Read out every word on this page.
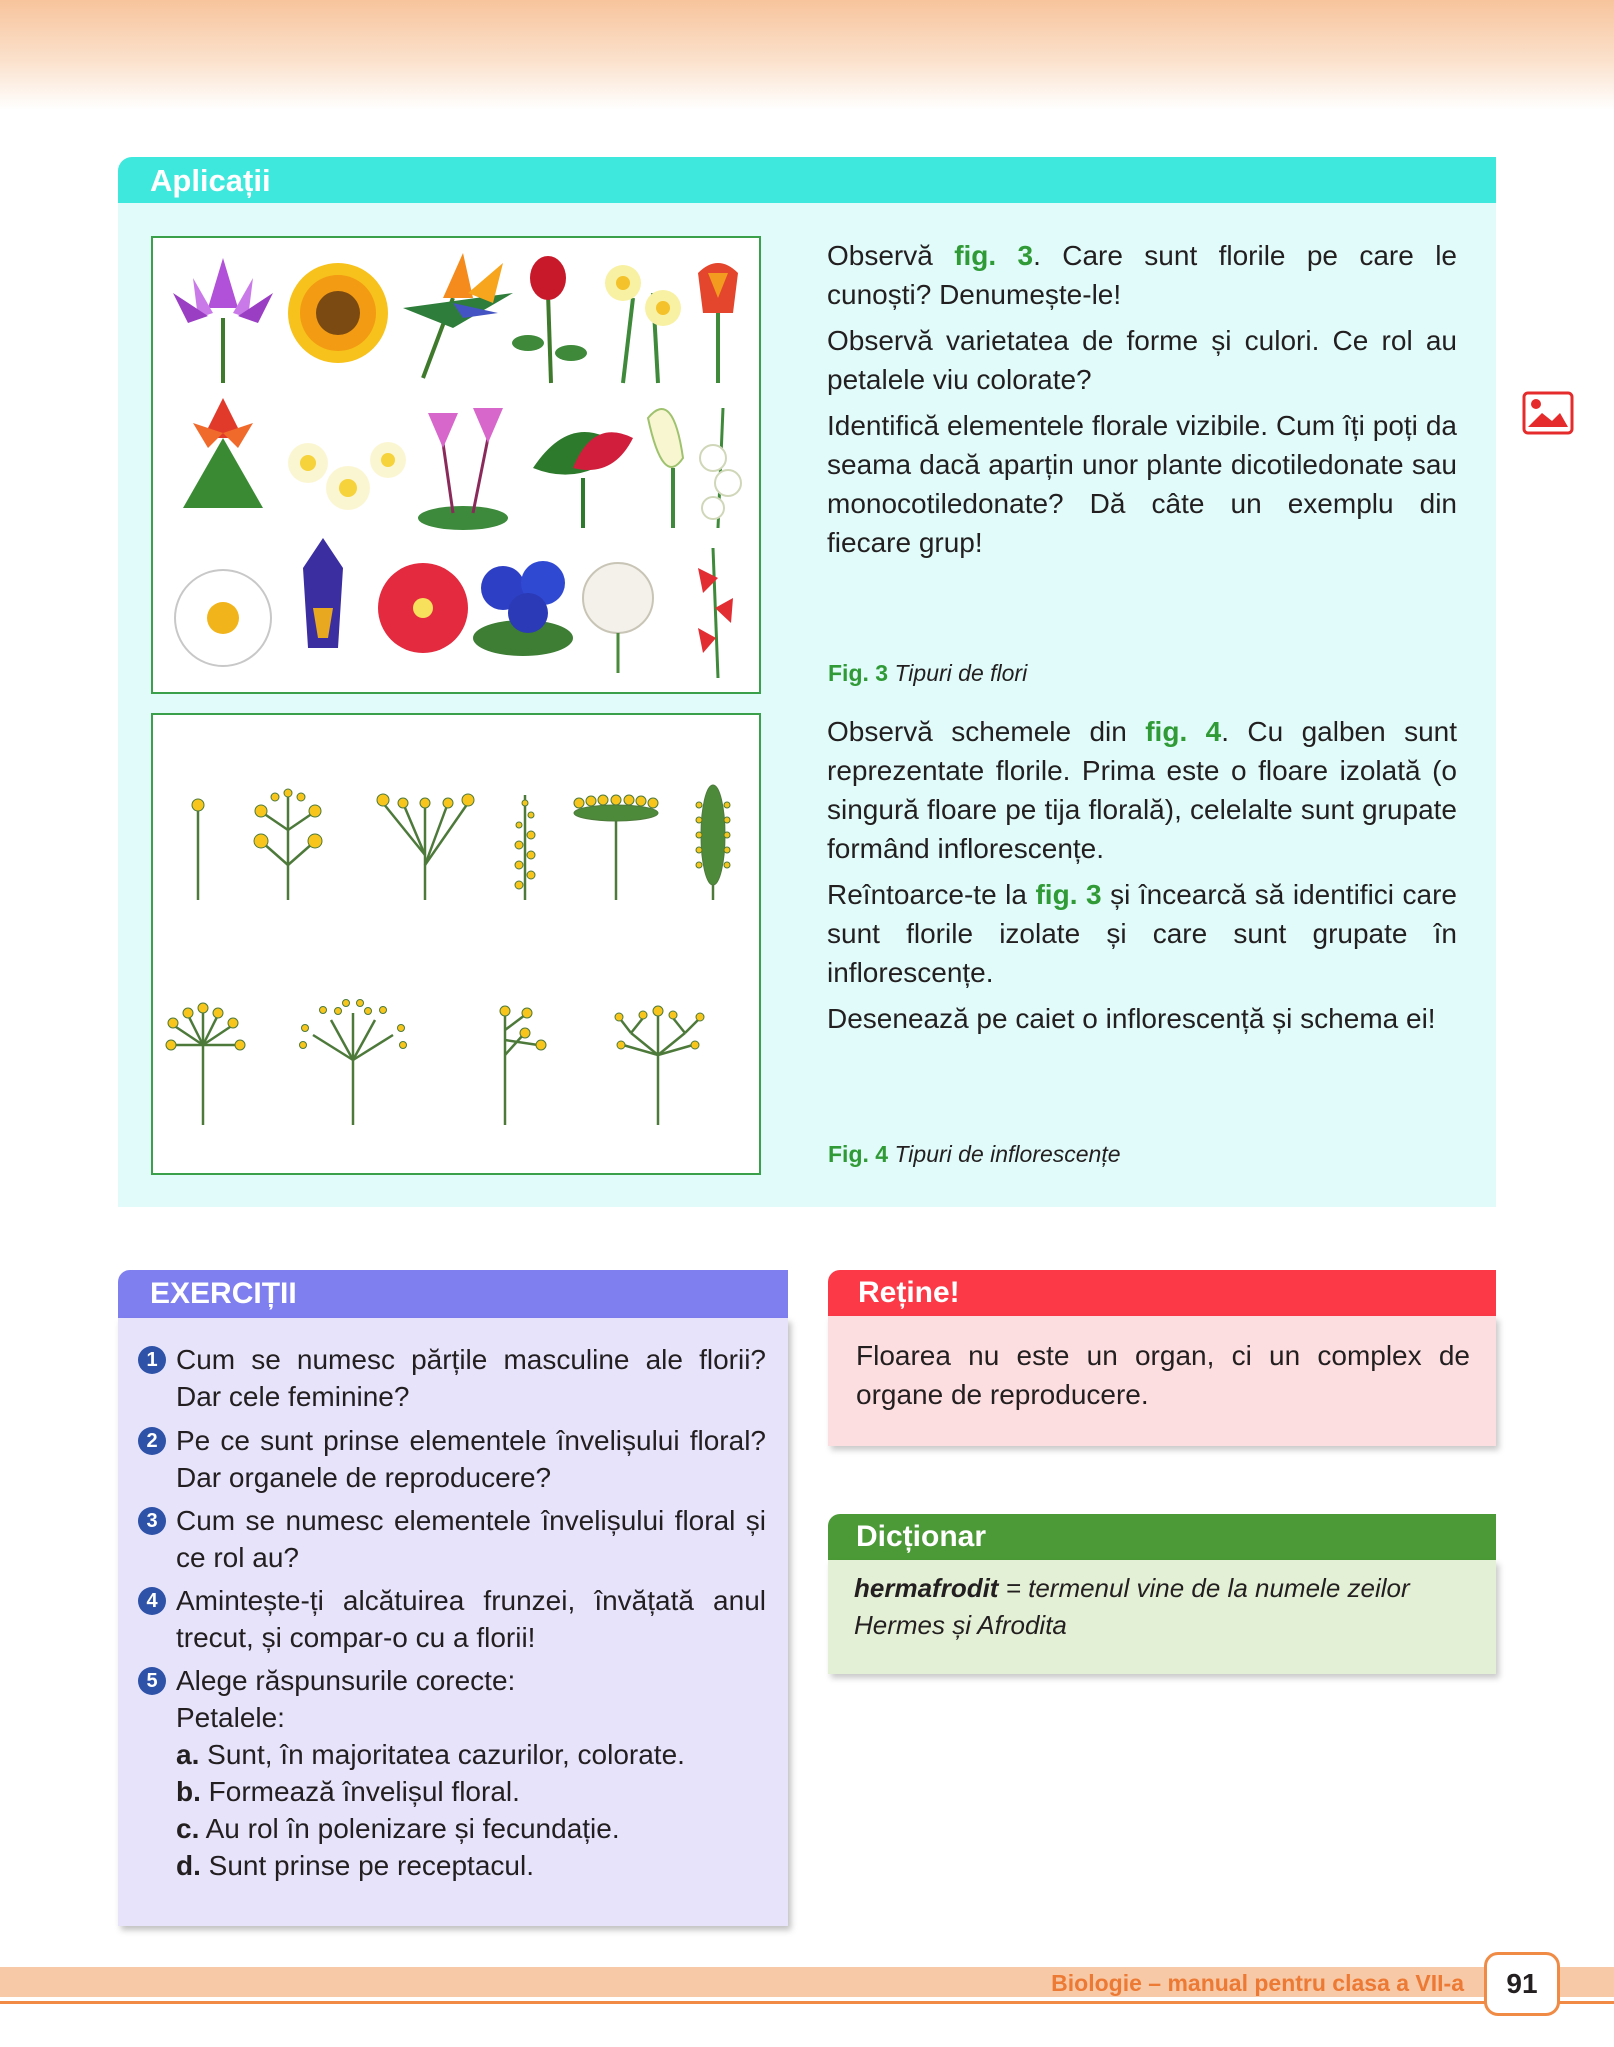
Aplicații

Observă fig. 3. Care sunt florile pe care le cunoști? Denumește-le!

Observă varietatea de forme și culori. Ce rol au petalele viu colorate?

Identifică elementele florale vizibile. Cum îți poți da seama dacă aparțin unor plante dicotiledonate sau monocotiledonate? Dă câte un exemplu din fiecare grup!

Fig. 3 Tipuri de flori

Observă schemele din fig. 4. Cu galben sunt reprezentate florile. Prima este o floare izolată (o singură floare pe tija florală), celelalte sunt grupate formând inflorescențe.

Reîntoarce-te la fig. 3 și încearcă să identifici care sunt florile izolate și care sunt grupate în inflorescențe.

Desenează pe caiet o inflorescență și schema ei!

Fig. 4 Tipuri de inflorescențe
EXERCIȚII
1 Cum se numesc părțile masculine ale florii? Dar cele feminine?
2 Pe ce sunt prinse elementele învelișului floral? Dar organele de reproducere?
3 Cum se numesc elementele învelișului floral și ce rol au?
4 Amintește-ți alcătuirea frunzei, învățată anul trecut, și compar-o cu a florii!
5 Alege răspunsurile corecte:
Petalele:
a. Sunt, în majoritatea cazurilor, colorate.
b. Formează învelișul floral.
c. Au rol în polenizare și fecundație.
d. Sunt prinse pe receptacul.
Reține!
Floarea nu este un organ, ci un complex de organe de reproducere.
Dicționar
hermafrodit = termenul vine de la numele zeilor Hermes și Afrodita
Biologie – manual pentru clasa a VII-a	91
